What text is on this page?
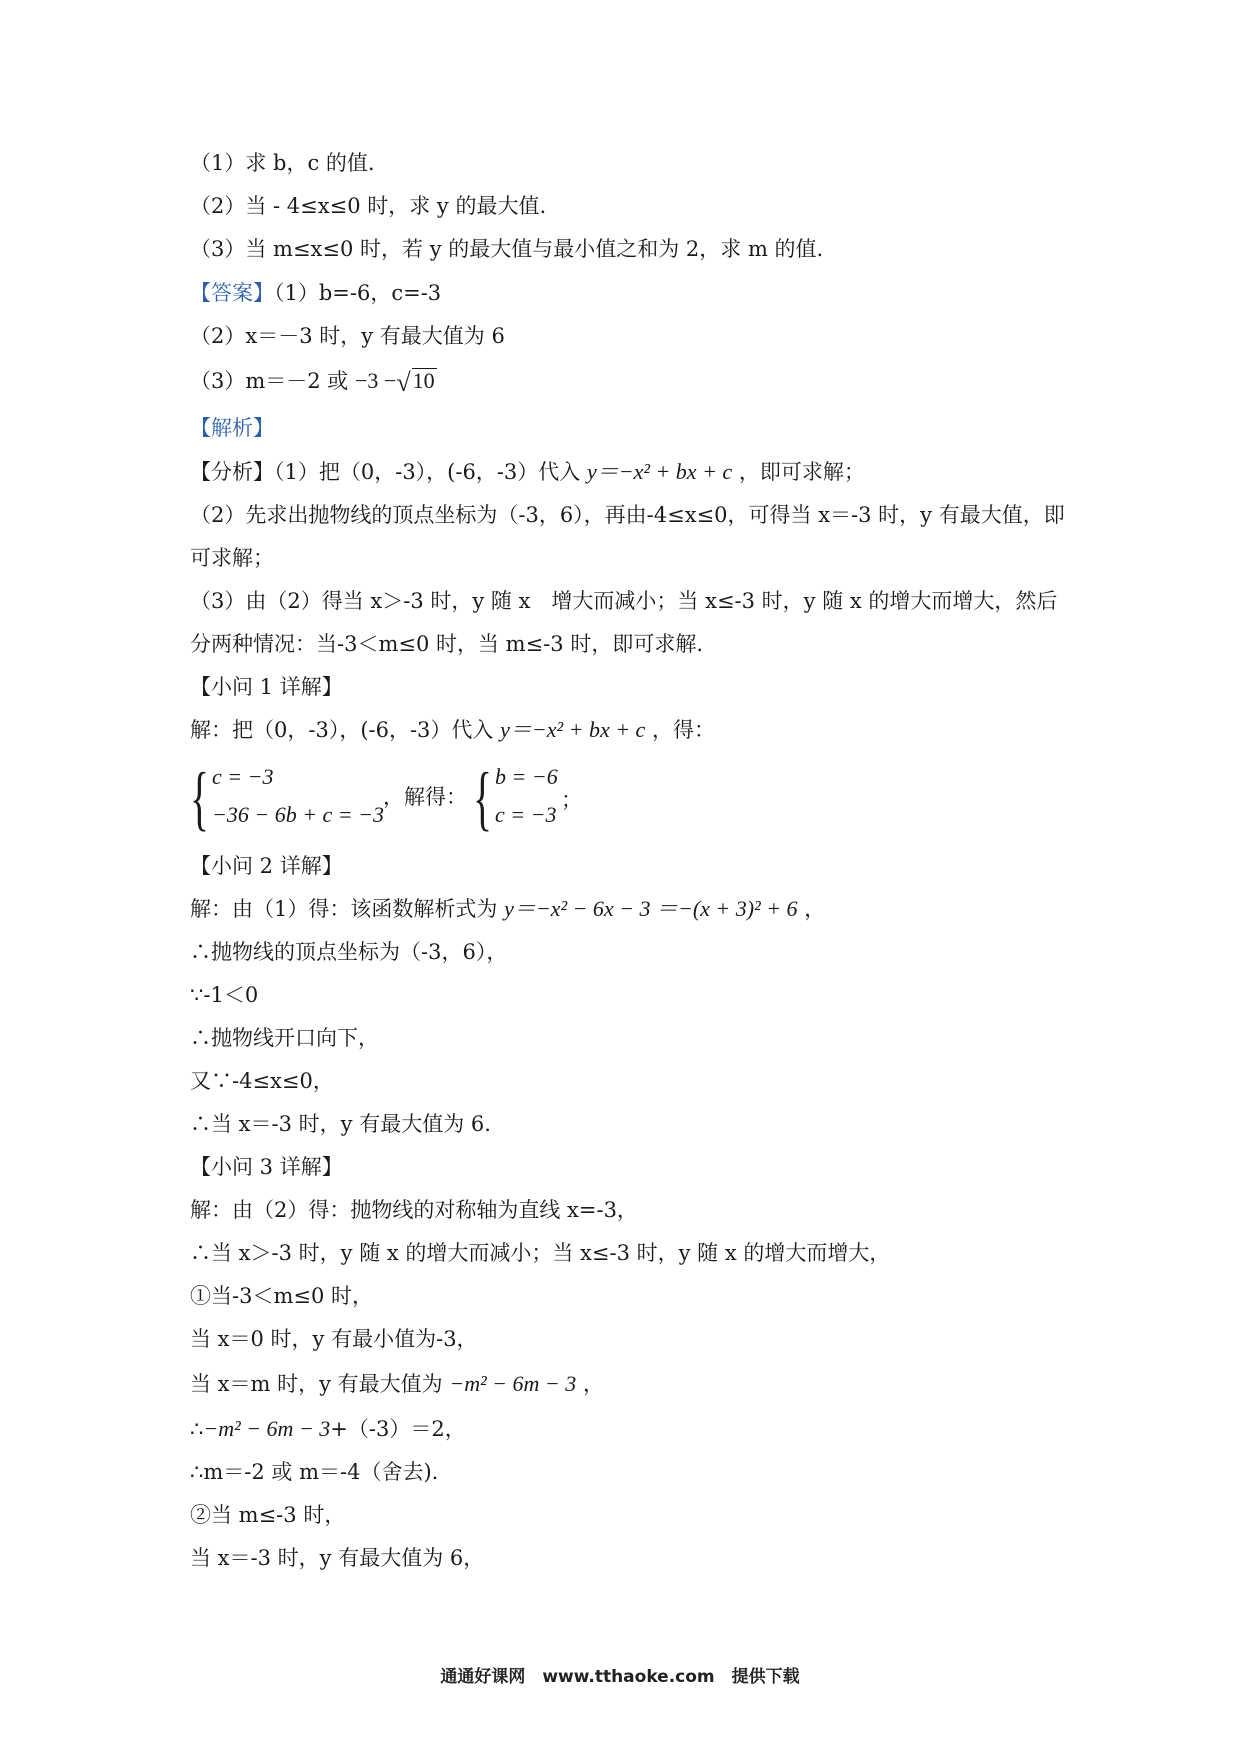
（1）求 b，c 的值.
（2）当 - 4≤x≤0 时，求 y 的最大值.
（3）当 m≤x≤0 时，若 y 的最大值与最小值之和为 2，求 m 的值.
【答案】（1）b=-6，c=-3
（2）x＝－3 时，y 有最大值为 6
（3）m＝－2 或 −3 −√10
【解析】
【分析】（1）把（0，-3），(-6，-3）代入 y＝−x² + bx + c ，即可求解；
（2）先求出抛物线的顶点坐标为（-3，6），再由-4≤x≤0，可得当 x＝-3 时，y 有最大值，即
可求解；
（3）由（2）得当 x＞-3 时，y 随 x　增大而减小；当 x≤-3 时，y 随 x 的增大而增大，然后
分两种情况：当-3＜m≤0 时，当 m≤-3 时，即可求解.
【小问 1 详解】
解：把（0，-3），(-6，-3）代入 y＝−x² + bx + c ，得：
{ c = −3
−36 − 6b + c = −3
，解得： { b = −6
c = −3
；
【小问 2 详解】
解：由（1）得：该函数解析式为 y＝−x² − 6x − 3 ＝−(x + 3)² + 6 ，
∴抛物线的顶点坐标为（-3，6），
∵-1＜0
∴抛物线开口向下，
又∵-4≤x≤0，
∴当 x＝-3 时，y 有最大值为 6.
【小问 3 详解】
解：由（2）得：抛物线的对称轴为直线 x=-3，
∴当 x＞-3 时，y 随 x 的增大而减小；当 x≤-3 时，y 随 x 的增大而增大，
①当-3＜m≤0 时，
当 x＝0 时，y 有最小值为-3，
当 x＝m 时，y 有最大值为 −m² − 6m − 3 ，
∴−m² − 6m − 3+（-3）＝2，
∴m＝-2 或 m＝-4（舍去).
②当 m≤-3 时，
当 x＝-3 时，y 有最大值为 6，
通通好课网　www.tthaoke.com　提供下载
